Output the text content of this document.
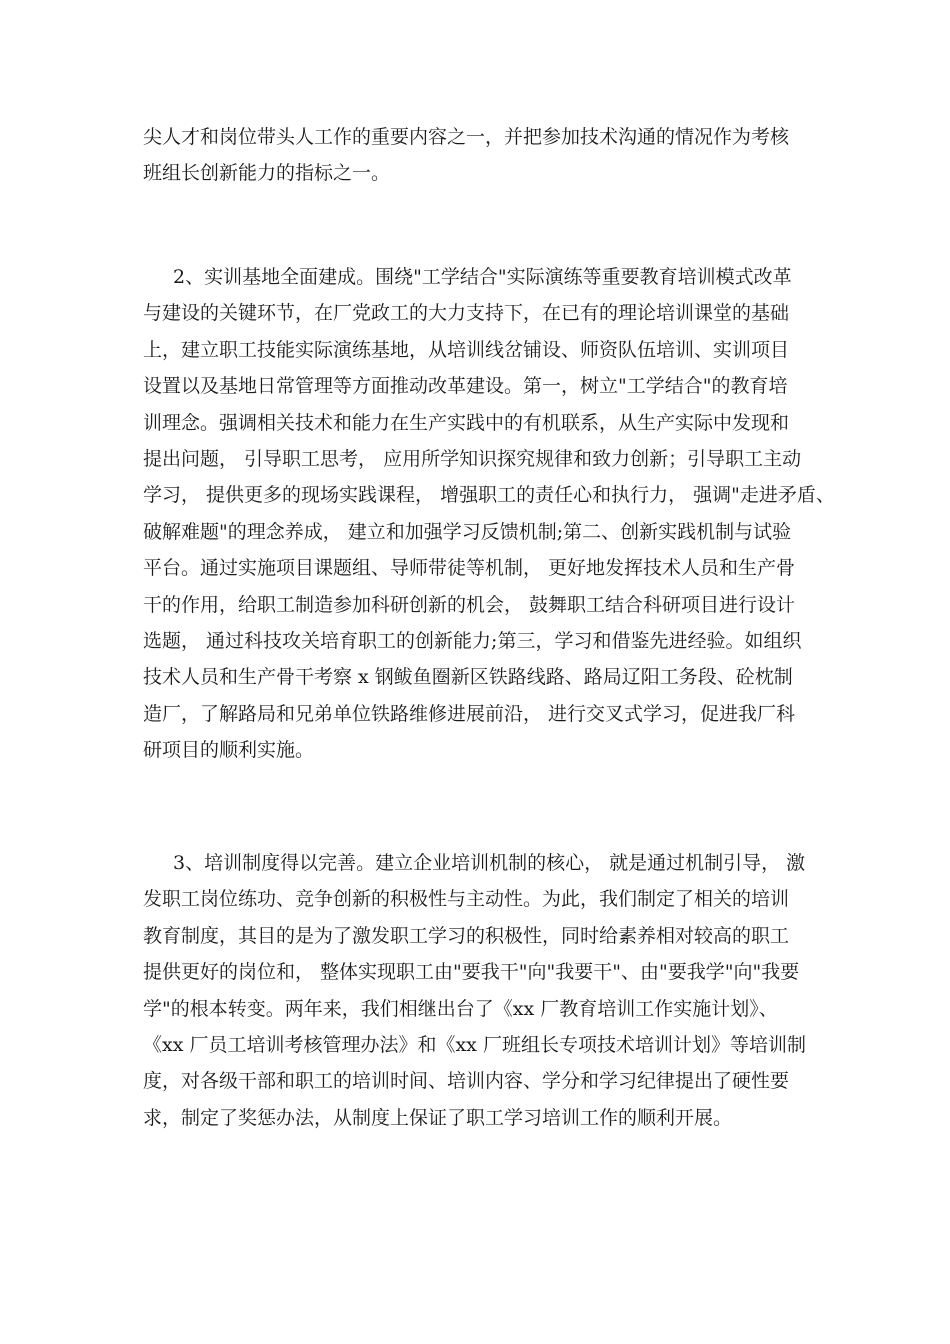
尖人才和岗位带头人工作的重要内容之一，并把参加技术沟通的情况作为考核
班组长创新能力的指标之一。
2、实训基地全面建成。围绕"工学结合"实际演练等重要教育培训模式改革
与建设的关键环节，在厂党政工的大力支持下，在已有的理论培训课堂的基础
上，建立职工技能实际演练基地，从培训线岔铺设、师资队伍培训、实训项目
设置以及基地日常管理等方面推动改革建设。第一，树立"工学结合"的教育培
训理念。强调相关技术和能力在生产实践中的有机联系，从生产实际中发现和
提出问题， 引导职工思考， 应用所学知识探究规律和致力创新；引导职工主动
学习， 提供更多的现场实践课程， 增强职工的责任心和执行力， 强调"走进矛盾、
破解难题"的理念养成， 建立和加强学习反馈机制;第二、创新实践机制与试验
平台。通过实施项目课题组、导师带徒等机制， 更好地发挥技术人员和生产骨
干的作用，给职工制造参加科研创新的机会， 鼓舞职工结合科研项目进行设计
选题， 通过科技攻关培育职工的创新能力;第三，学习和借鉴先进经验。如组织
技术人员和生产骨干考察 x 钢鲅鱼圈新区铁路线路、路局辽阳工务段、砼枕制
造厂，了解路局和兄弟单位铁路维修进展前沿， 进行交叉式学习，促进我厂科
研项目的顺利实施。
3、培训制度得以完善。建立企业培训机制的核心， 就是通过机制引导， 激
发职工岗位练功、竞争创新的积极性与主动性。为此，我们制定了相关的培训
教育制度，其目的是为了激发职工学习的积极性，同时给素养相对较高的职工
提供更好的岗位和， 整体实现职工由"要我干"向"我要干"、由"要我学"向"我要
学"的根本转变。两年来，我们相继出台了《xx 厂教育培训工作实施计划》、
《xx 厂员工培训考核管理办法》和《xx 厂班组长专项技术培训计划》等培训制
度，对各级干部和职工的培训时间、培训内容、学分和学习纪律提出了硬性要
求，制定了奖惩办法，从制度上保证了职工学习培训工作的顺利开展。
